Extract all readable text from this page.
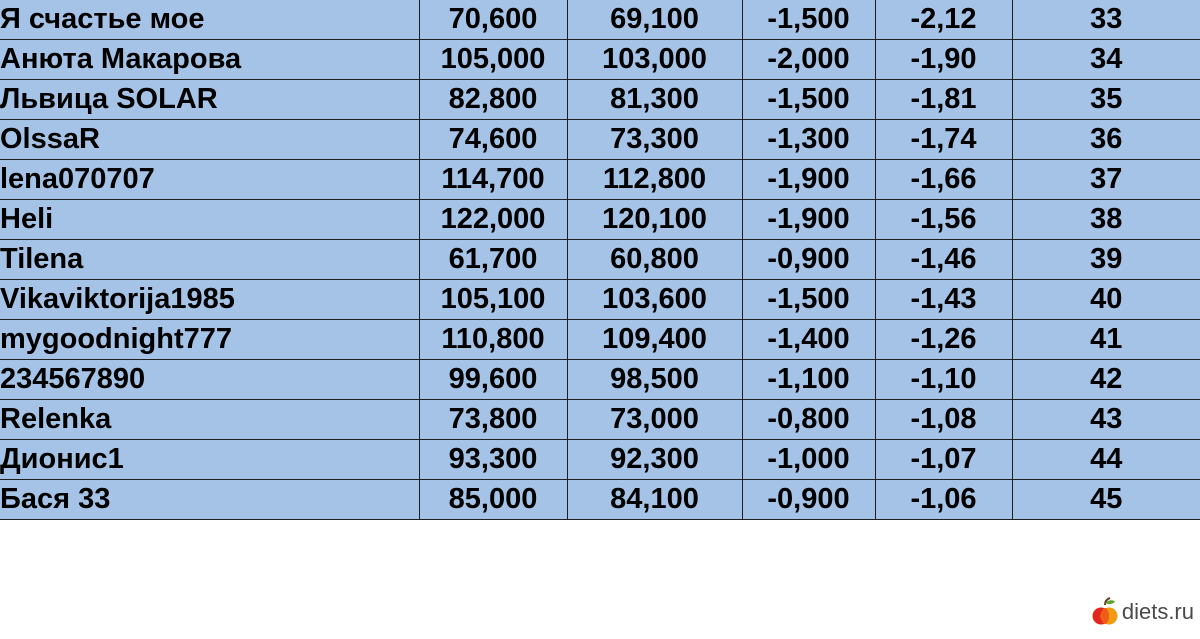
Я счастье мое	70,600	69,100	-1,500	-2,12	33
Анюта Макарова	105,000	103,000	-2,000	-1,90	34
Львица SOLAR	82,800	81,300	-1,500	-1,81	35
OlssaR	74,600	73,300	-1,300	-1,74	36
lena070707	114,700	112,800	-1,900	-1,66	37
Heli	122,000	120,100	-1,900	-1,56	38
Tilena	61,700	60,800	-0,900	-1,46	39
Vikaviktorija1985	105,100	103,600	-1,500	-1,43	40
mygoodnight777	110,800	109,400	-1,400	-1,26	41
234567890	99,600	98,500	-1,100	-1,10	42
Relenka	73,800	73,000	-0,800	-1,08	43
Дионис1	93,300	92,300	-1,000	-1,07	44
Бася 33	85,000	84,100	-0,900	-1,06	45
diets.ru
